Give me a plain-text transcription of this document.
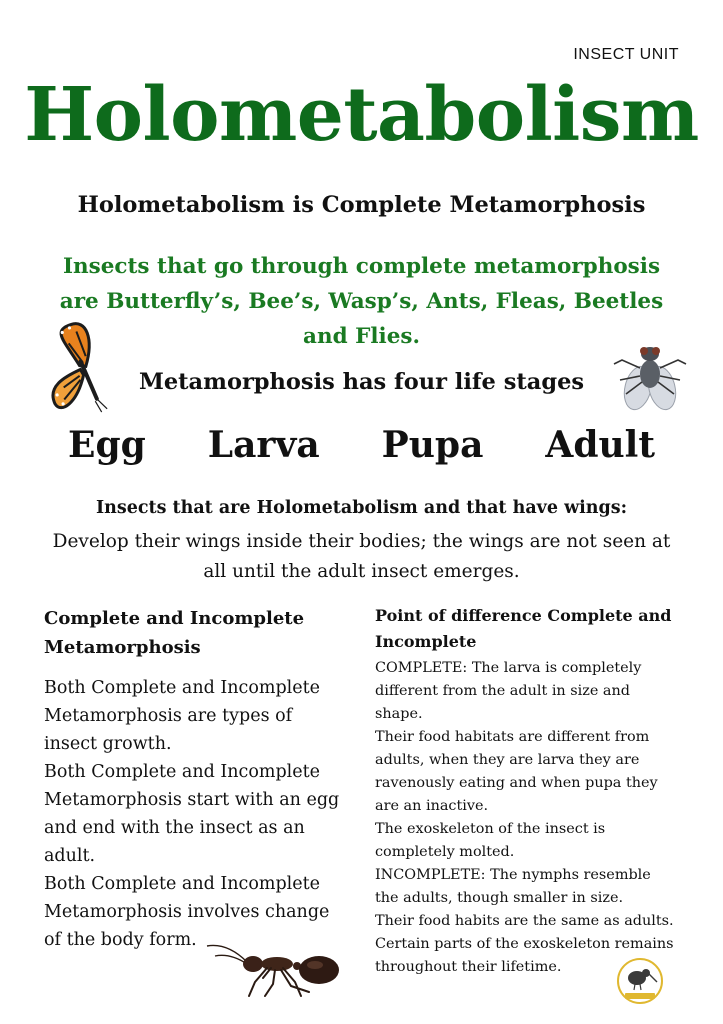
INSECT UNIT
Holometabolism
Holometabolism is Complete Metamorphosis
Insects that go through complete metamorphosis
are Butterfly’s, Bee’s, Wasp’s, Ants, Fleas, Beetles
and Flies.
Metamorphosis has four life stages
Egg Larva Pupa Adult
Insects that are Holometabolism and that have wings:
Develop their wings inside their bodies; the wings are not seen at
all until the adult insect emerges.
Complete and Incomplete
Metamorphosis

Both Complete and Incomplete

Metamorphosis are types of

insect growth.

Both Complete and Incomplete

Metamorphosis start with an egg

and end with the insect as an

adult.

Both Complete and Incomplete

Metamorphosis involves change

of the body form.

Point of difference Complete and
Incomplete

COMPLETE: The larva is completely

different from the adult in size and

shape.

Their food habitats are different from

adults, when they are larva they are

ravenously eating and when pupa they

are an inactive.

The exoskeleton of the insect is

completely molted.

INCOMPLETE: The nymphs resemble

the adults, though smaller in size.

Their food habits are the same as adults.

Certain parts of the exoskeleton remains

throughout their lifetime.
